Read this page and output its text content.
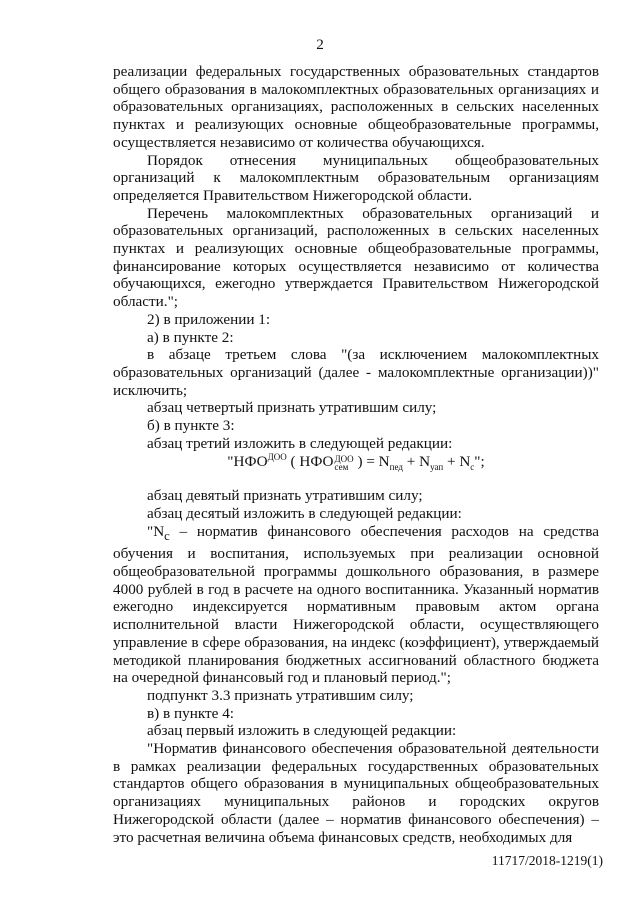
2

реализации федеральных государственных образовательных стандартов общего образования в малокомплектных образовательных организациях и образовательных организациях, расположенных в сельских населенных пунктах и реализующих основные общеобразовательные программы, осуществляется независимо от количества обучающихся.

Порядок отнесения муниципальных общеобразовательных организаций к малокомплектным образовательным организациям определяется Правительством Нижегородской области.

Перечень малокомплектных образовательных организаций и образовательных организаций, расположенных в сельских населенных пунктах и реализующих основные общеобразовательные программы, финансирование которых осуществляется независимо от количества обучающихся, ежегодно утверждается Правительством Нижегородской области.";

2) в приложении 1:

а) в пункте 2:

в абзаце третьем слова "(за исключением малокомплектных образовательных организаций (далее - малокомплектные организации))" исключить;

абзац четвертый признать утратившим силу;

б) в пункте 3:

абзац третий изложить в следующей редакции:

"$НФО^{ДОО}$ ( НФОДОО
сем ) = $N_{пед} + N_{уап} + N_c$";

абзац девятый признать утратившим силу;

абзац десятый изложить в следующей редакции:

"$N_c$ – норматив финансового обеспечения расходов на средства обучения и воспитания, используемых при реализации основной общеобразовательной программы дошкольного образования, в размере 4000 рублей в год в расчете на одного воспитанника. Указанный норматив ежегодно индексируется нормативным правовым актом органа исполнительной власти Нижегородской области, осуществляющего управление в сфере образования, на индекс (коэффициент), утверждаемый методикой планирования бюджетных ассигнований областного бюджета на очередной финансовый год и плановый период.";

подпункт 3.3 признать утратившим силу;

в) в пункте 4:

абзац первый изложить в следующей редакции:

"Норматив финансового обеспечения образовательной деятельности в рамках реализации федеральных государственных образовательных стандартов общего образования в муниципальных общеобразовательных организациях муниципальных районов и городских округов Нижегородской области (далее – норматив финансового обеспечения) – это расчетная величина объема финансовых средств, необходимых для

11717/2018-1219(1)
